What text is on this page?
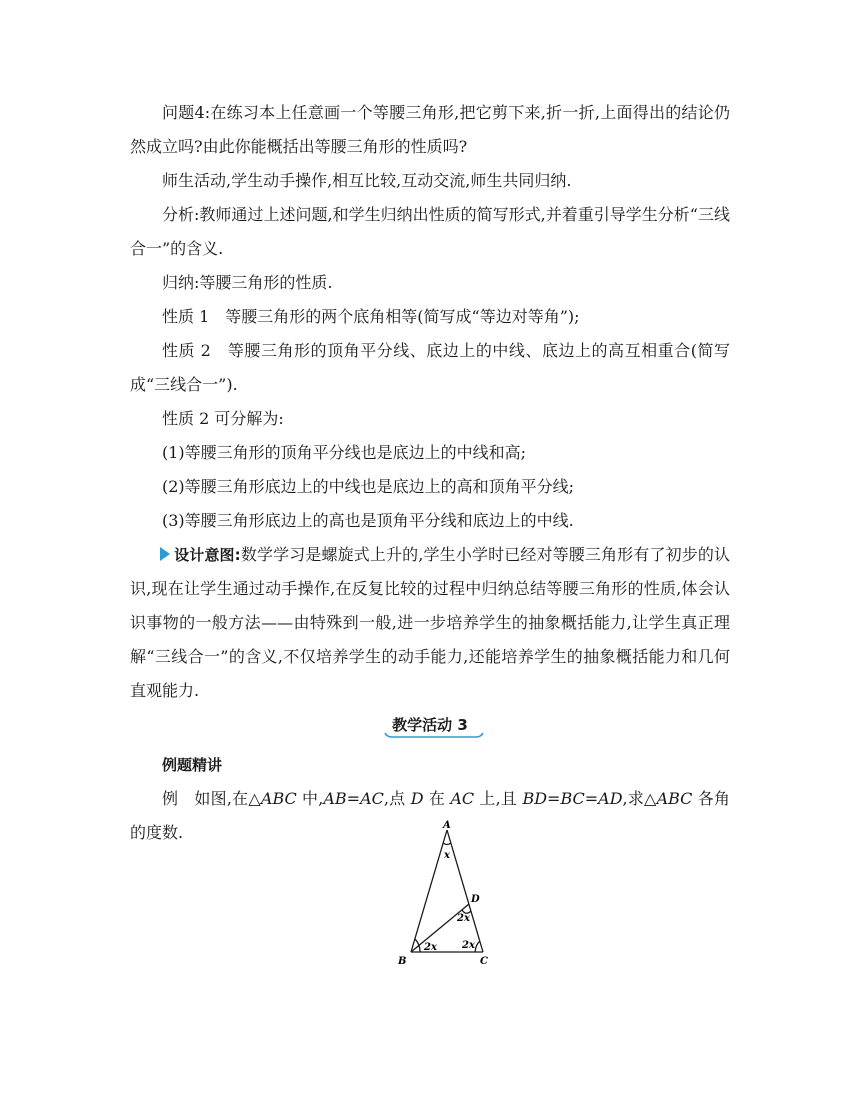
问题4:在练习本上任意画一个等腰三角形,把它剪下来,折一折,上面得出的结论仍然成立吗?由此你能概括出等腰三角形的性质吗?

师生活动,学生动手操作,相互比较,互动交流,师生共同归纳.

分析:教师通过上述问题,和学生归纳出性质的简写形式,并着重引导学生分析“三线合一”的含义.

归纳:等腰三角形的性质.

性质 1　等腰三角形的两个底角相等(简写成“等边对等角”);

性质 2　等腰三角形的顶角平分线、底边上的中线、底边上的高互相重合(简写成“三线合一”).

性质 2 可分解为:

(1)等腰三角形的顶角平分线也是底边上的中线和高;

(2)等腰三角形底边上的中线也是底边上的高和顶角平分线;

(3)等腰三角形底边上的高也是顶角平分线和底边上的中线.

设计意图:数学学习是螺旋式上升的,学生小学时已经对等腰三角形有了初步的认识,现在让学生通过动手操作,在反复比较的过程中归纳总结等腰三角形的性质,体会认识事物的一般方法——由特殊到一般,进一步培养学生的抽象概括能力,让学生真正理解“三线合一”的含义,不仅培养学生的动手能力,还能培养学生的抽象概括能力和几何直观能力.

教学活动 3

例题精讲

例　如图,在△ABC 中,AB=AC,点 D 在 AC 上,且 BD=BC=AD,求△ABC 各角的度数.	A
B	C
D
x
2x
2x	2x
